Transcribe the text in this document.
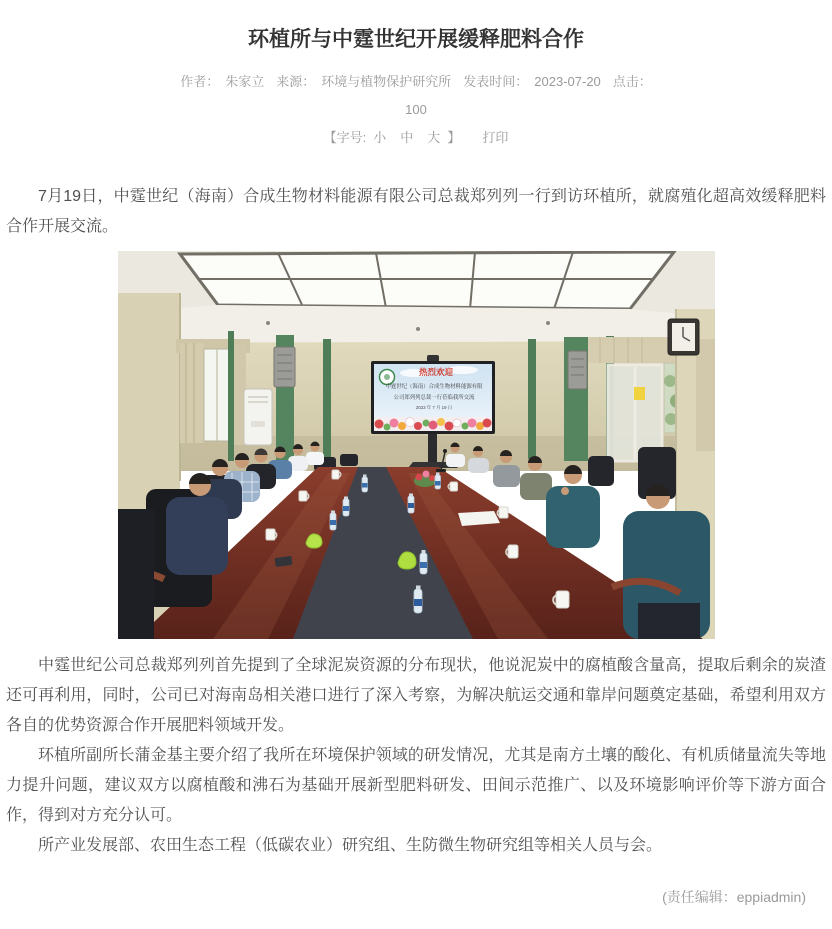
环植所与中霆世纪开展缓释肥料合作
作者： 朱家立 来源： 环境与植物保护研究所 发表时间： 2023-07-20 点击：
100
【字号: 小 中 大 】 打印

7月19日，中霆世纪（海南）合成生物材料能源有限公司总裁郑列列一行到访环植所，就腐殖化超高效缓释肥料合作开展交流。

热烈欢迎
中霆世纪（海南）合成生物材料能源有限
公司郑列列总裁一行莅临我所交流
2023 年 7 月 19 日

中霆世纪公司总裁郑列列首先提到了全球泥炭资源的分布现状，他说泥炭中的腐植酸含量高，提取后剩余的炭渣还可再利用，同时，公司已对海南岛相关港口进行了深入考察，为解决航运交通和靠岸问题奠定基础，希望利用双方各自的优势资源合作开展肥料领域开发。

环植所副所长蒲金基主要介绍了我所在环境保护领域的研发情况，尤其是南方土壤的酸化、有机质储量流失等地力提升问题，建议双方以腐植酸和沸石为基础开展新型肥料研发、田间示范推广、以及环境影响评价等下游方面合作，得到对方充分认可。

所产业发展部、农田生态工程（低碳农业）研究组、生防微生物研究组等相关人员与会。

(责任编辑：eppiadmin)
